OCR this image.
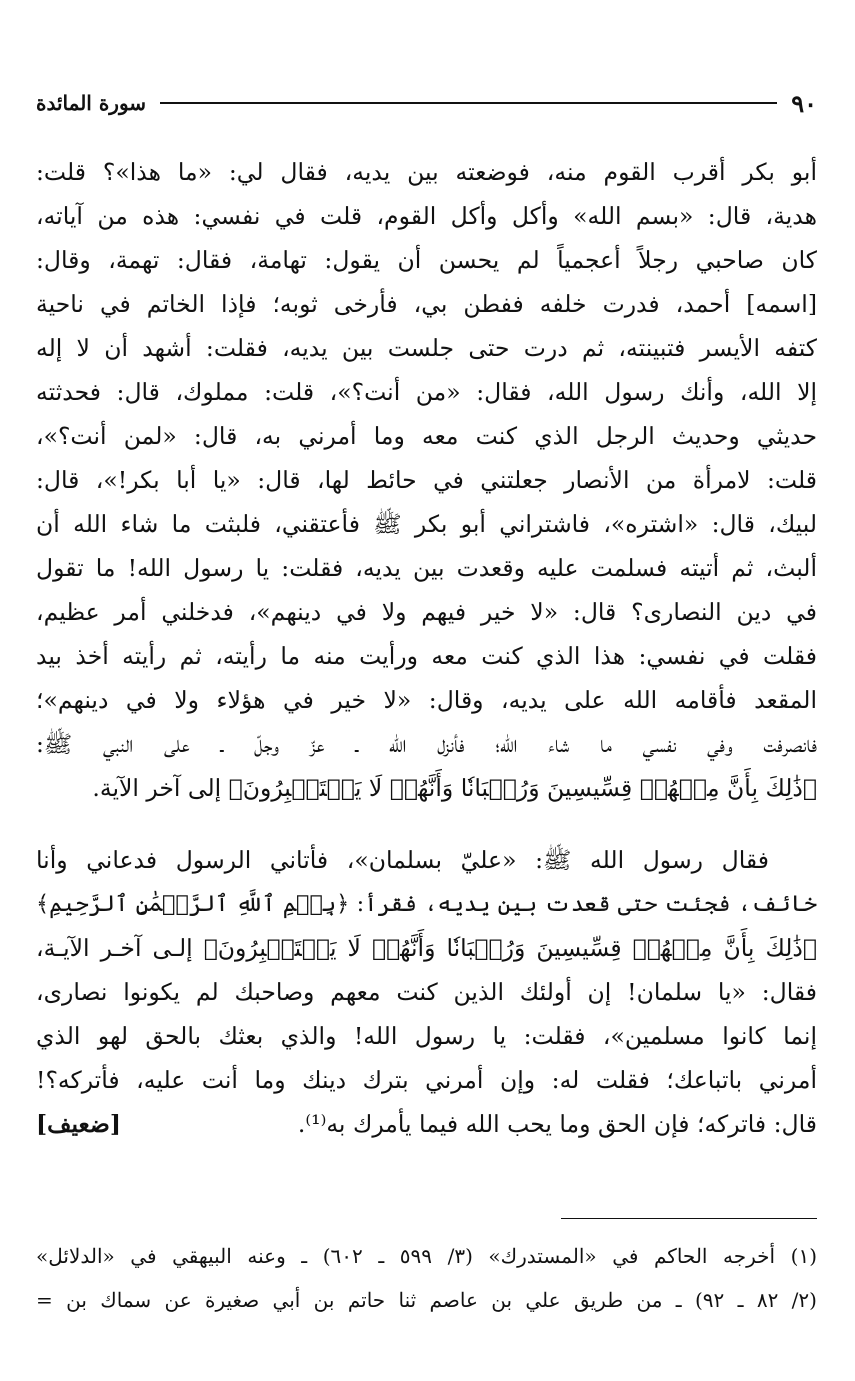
٩٠
سورة المائدة
أبو بكر أقرب القوم منه، فوضعته بين يديه، فقال لي: «ما هذا»؟ قلت:
هدية، قال: «بسم الله» وأكل وأكل القوم، قلت في نفسي: هذه من آياته،
كان صاحبي رجلاً أعجمياً لم يحسن أن يقول: تهامة، فقال: تهمة، وقال:
[اسمه] أحمد، فدرت خلفه ففطن بي، فأرخى ثوبه؛ فإذا الخاتم في ناحية
كتفه الأيسر فتبينته، ثم درت حتى جلست بين يديه، فقلت: أشهد أن لا إله
إلا الله، وأنك رسول الله، فقال: «من أنت؟»، قلت: مملوك، قال: فحدثته
حديثي وحديث الرجل الذي كنت معه وما أمرني به، قال: «لمن أنت؟»،
قلت: لامرأة من الأنصار جعلتني في حائط لها، قال: «يا أبا بكر!»، قال:
لبيك، قال: «اشتره»، فاشتراني أبو بكر ﷺ فأعتقني، فلبثت ما شاء الله أن
ألبث، ثم أتيته فسلمت عليه وقعدت بين يديه، فقلت: يا رسول الله! ما تقول
في دين النصارى؟ قال: «لا خير فيهم ولا في دينهم»، فدخلني أمر عظيم،
فقلت في نفسي: هذا الذي كنت معه ورأيت منه ما رأيته، ثم رأيته أخذ بيد
المقعد فأقامه الله على يديه، وقال: «لا خير في هؤلاء ولا في دينهم»؛
فانصرفت وفي نفسي ما شاء الله؛ فأنزل الله ـ عزّ وجلّ ـ على النبي ﷺ:
﴿ذَٰلِكَ بِأَنَّ مِنۡهُمۡ قِسِّيسِينَ وَرُهۡبَانٗا وَأَنَّهُمۡ لَا يَسۡتَكۡبِرُونَ﴾ إلى آخر الآية.
فقال رسول الله ﷺ: «عليّ بسلمان»، فأتاني الرسول فدعاني وأنا
خائف، فجئت حتى قعدت بين يديه، فقرأ: ﴿بِسۡمِ ٱللَّهِ ٱلرَّحۡمَٰنِ ٱلرَّحِيمِ﴾
﴿ذَٰلِكَ بِأَنَّ مِنۡهُمۡ قِسِّيسِينَ وَرُهۡبَانٗا وَأَنَّهُمۡ لَا يَسۡتَكۡبِرُونَ﴾ إلـى آخـر الآيـة،
فقال: «يا سلمان! إن أولئك الذين كنت معهم وصاحبك لم يكونوا نصارى،
إنما كانوا مسلمين»، فقلت: يا رسول الله! والذي بعثك بالحق لهو الذي
أمرني باتباعك؛ فقلت له: وإن أمرني بترك دينك وما أنت عليه، فأتركه؟!
قال: فاتركه؛ فإن الحق وما يحب الله فيما يأمرك به⁽¹⁾.
[ضعيف]
(١) أخرجه الحاكم في «المستدرك» (٣/ ٥٩٩ ـ ٦٠٢) ـ وعنه البيهقي في «الدلائل»
(٢/ ٨٢ ـ ٩٢) ـ من طريق علي بن عاصم ثنا حاتم بن أبي صغيرة عن سماك بن =
